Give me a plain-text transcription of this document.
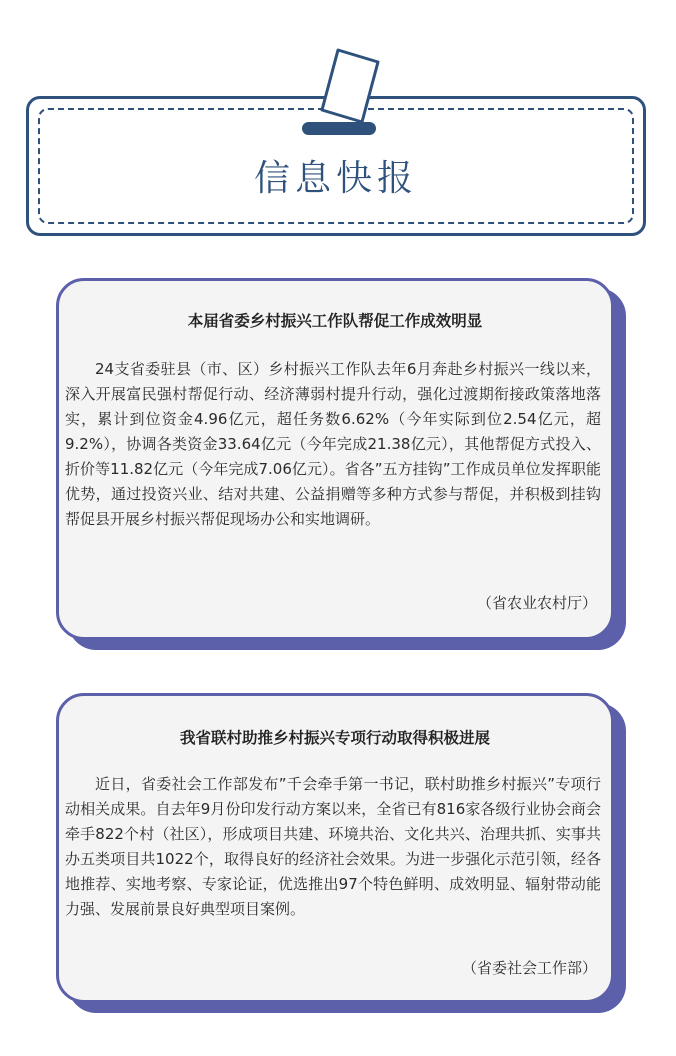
信息快报
本届省委乡村振兴工作队帮促工作成效明显

24支省委驻县（市、区）乡村振兴工作队去年6月奔赴乡村振兴一线以来，深入开展富民强村帮促行动、经济薄弱村提升行动，强化过渡期衔接政策落地落实，累计到位资金4.96亿元，超任务数6.62%（今年实际到位2.54亿元，超9.2%），协调各类资金33.64亿元（今年完成21.38亿元），其他帮促方式投入、折价等11.82亿元（今年完成7.06亿元）。省各”五方挂钩”工作成员单位发挥职能优势，通过投资兴业、结对共建、公益捐赠等多种方式参与帮促，并积极到挂钩帮促县开展乡村振兴帮促现场办公和实地调研。

（省农业农村厅）
我省联村助推乡村振兴专项行动取得积极进展

近日，省委社会工作部发布”千会牵手第一书记，联村助推乡村振兴”专项行动相关成果。自去年9月份印发行动方案以来，全省已有816家各级行业协会商会牵手822个村（社区），形成项目共建、环境共治、文化共兴、治理共抓、实事共办五类项目共1022个，取得良好的经济社会效果。为进一步强化示范引领，经各地推荐、实地考察、专家论证，优选推出97个特色鲜明、成效明显、辐射带动能力强、发展前景良好典型项目案例。

（省委社会工作部）
